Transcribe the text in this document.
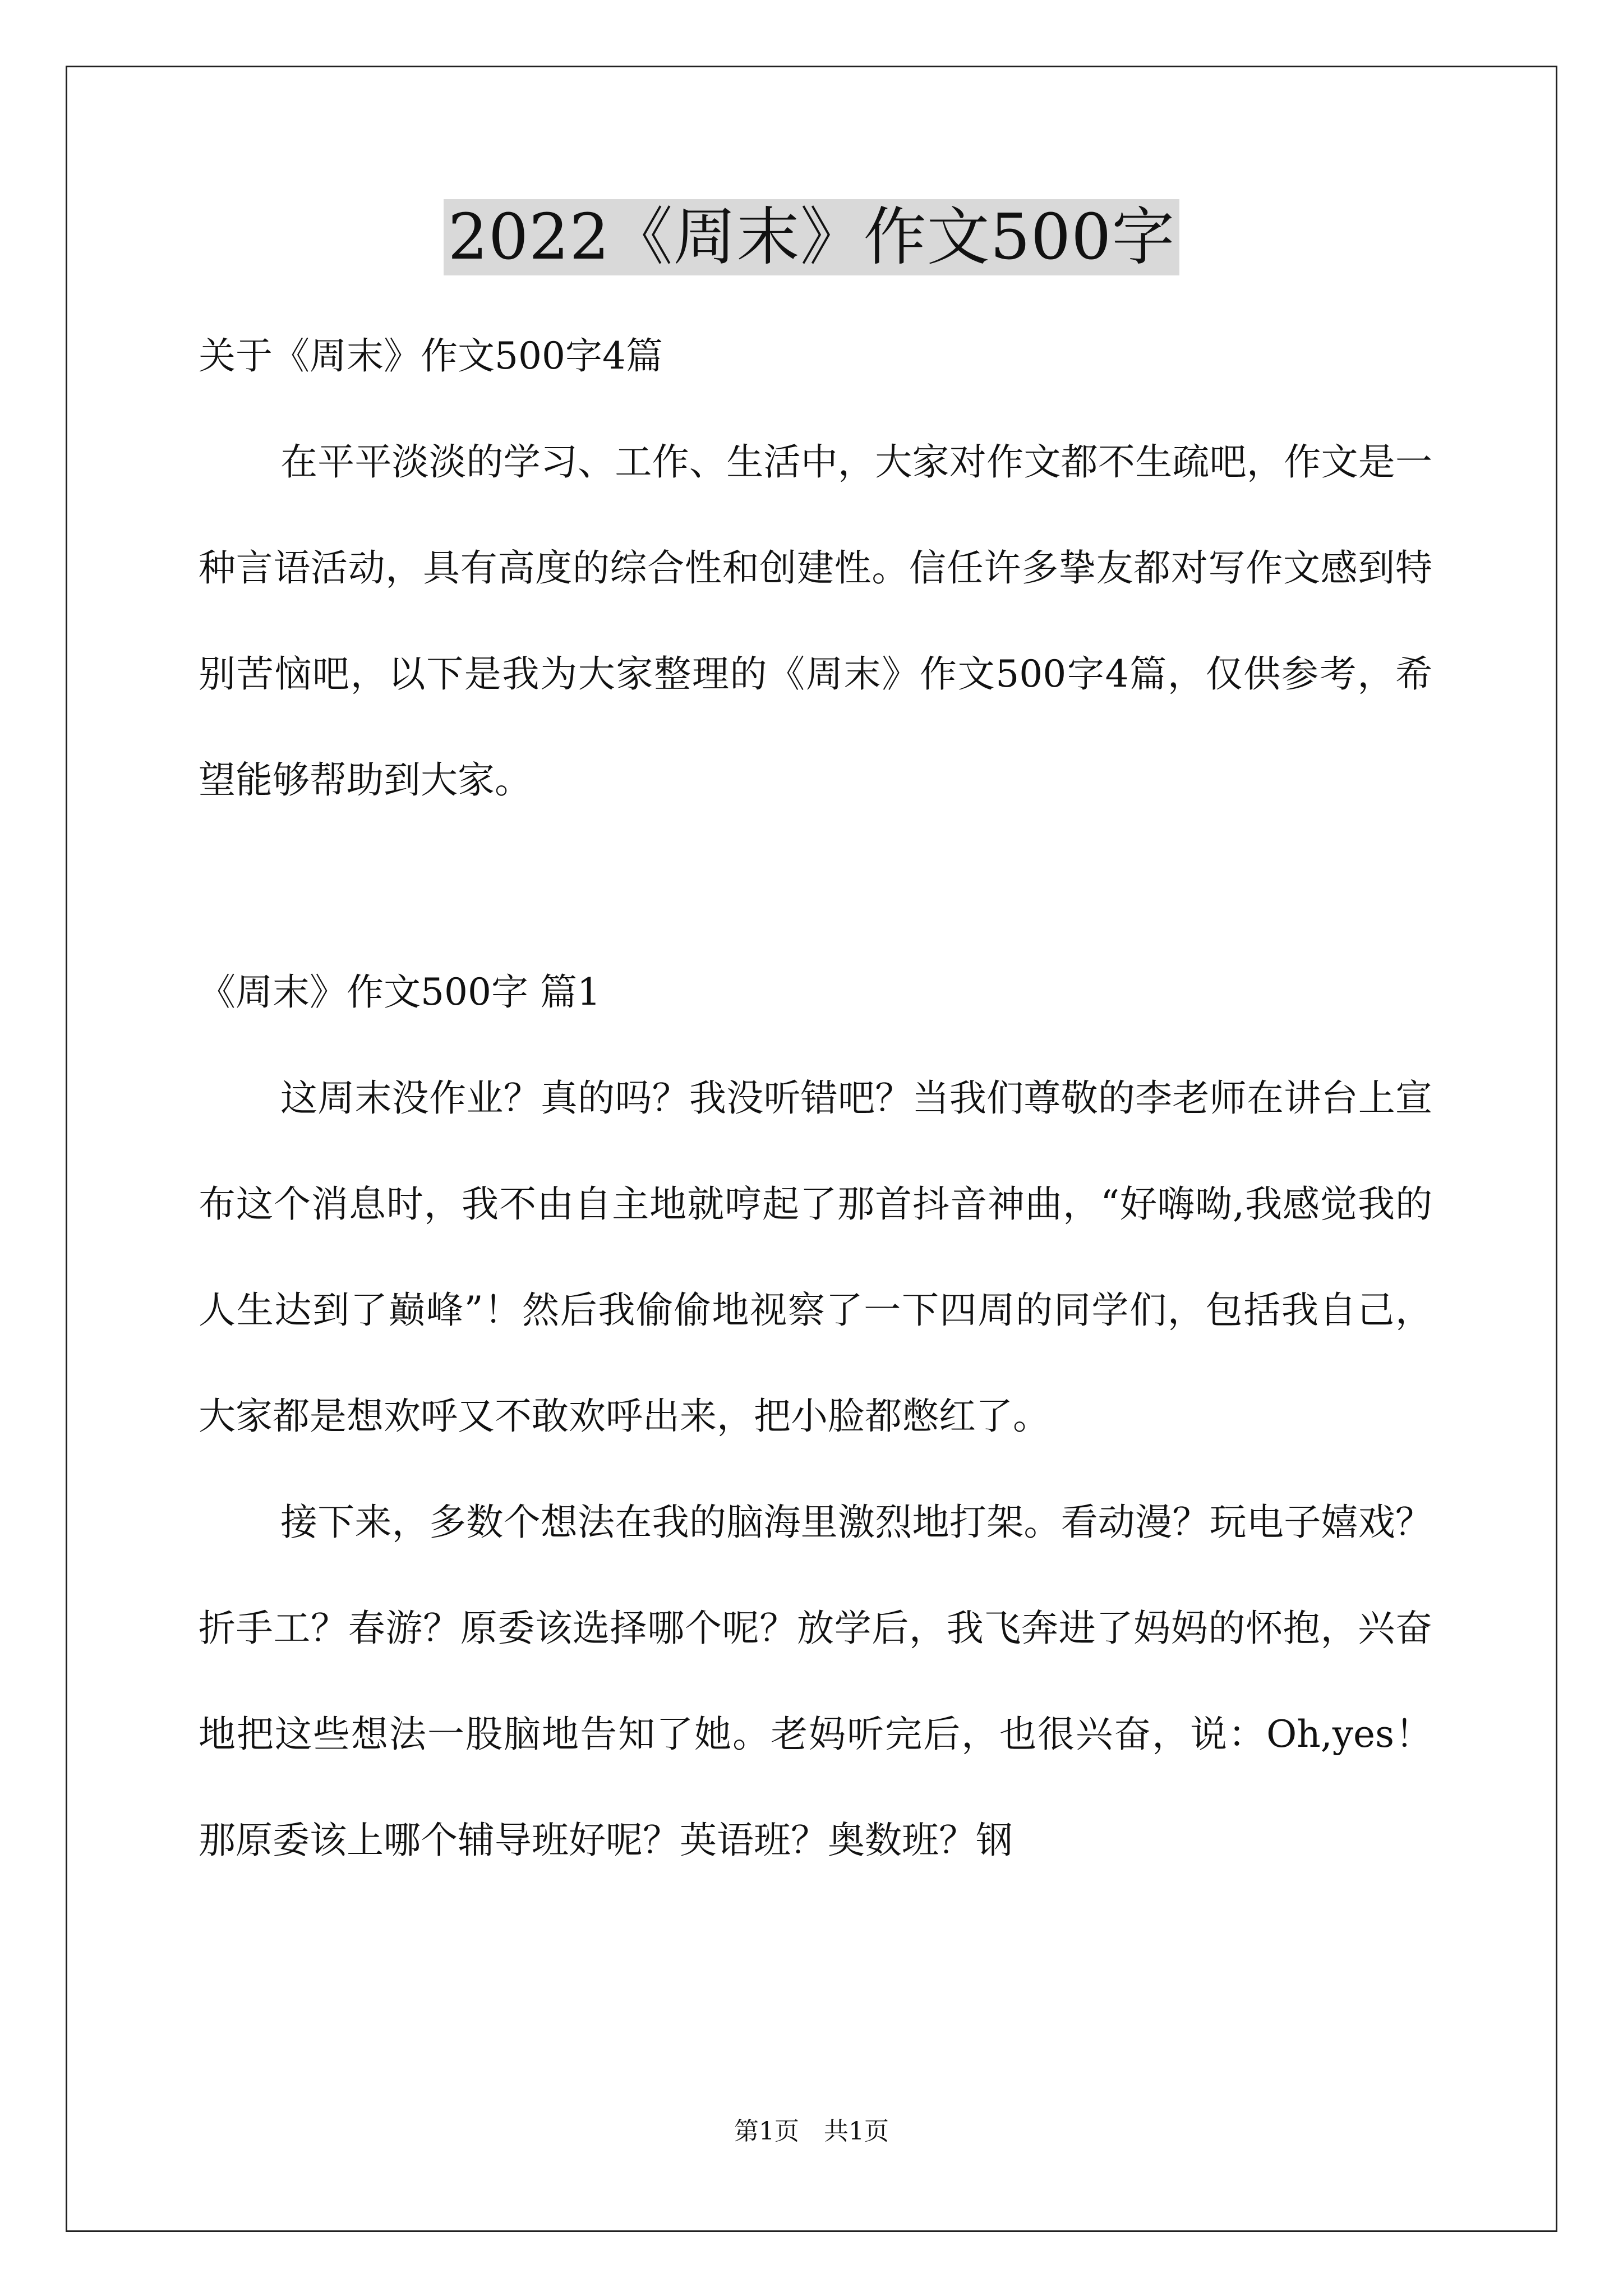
2022《周末》作文500字

关于《周末》作文500字4篇

在平平淡淡的学习、工作、生活中，大家对作文都不生疏吧，作文是一种言语活动，具有高度的综合性和创建性。信任许多挚友都对写作文感到特别苦恼吧，以下是我为大家整理的《周末》作文500字4篇，仅供参考，希望能够帮助到大家。

《周末》作文500字 篇1

这周末没作业？真的吗？我没听错吧？当我们尊敬的李老师在讲台上宣布这个消息时，我不由自主地就哼起了那首抖音神曲，“好嗨呦,我感觉我的人生达到了巅峰”！然后我偷偷地视察了一下四周的同学们，包括我自己，大家都是想欢呼又不敢欢呼出来，把小脸都憋红了。

接下来，多数个想法在我的脑海里激烈地打架。看动漫？玩电子嬉戏？折手工？春游？原委该选择哪个呢？放学后，我飞奔进了妈妈的怀抱，兴奋地把这些想法一股脑地告知了她。老妈听完后，也很兴奋，说：Oh,yes！那原委该上哪个辅导班好呢？英语班？奥数班？钢

第1页　共1页
